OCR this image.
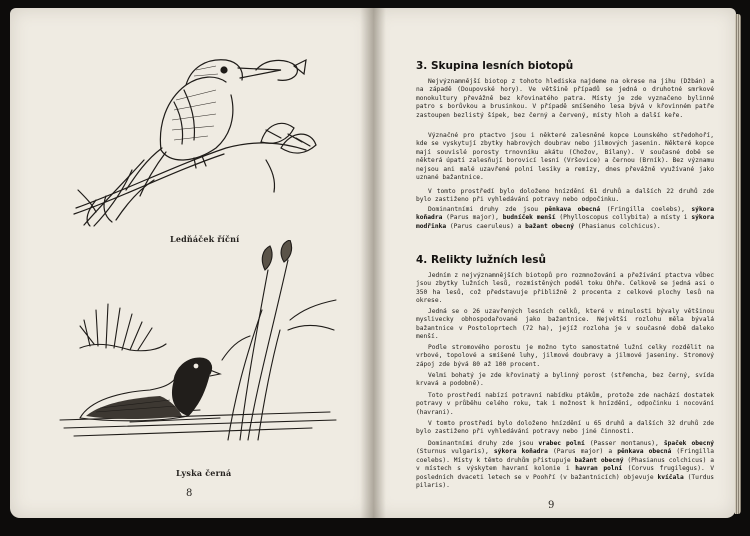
Ledňáček říční
Lyska černá
8
3. Skupina lesních biotopů

Nejvýznamnější biotop z tohoto hlediska najdeme na okrese na jihu (Džbán) a na západě (Doupovské hory). Ve většině případů se jedná o druhotné smrkové monokultury převážně bez křovinatého patra. Místy je zde vyznačeno bylinné patro s borůvkou a brusinkou. V případě smíšeného lesa bývá v křovinném patře zastoupen bezlistý šípek, bez černý a červený, místy hloh a další keře.

Význačné pro ptactvo jsou i některé zalesněné kopce Lounského středohoří, kde se vyskytují zbytky habrových doubrav nebo jilmových jasenin. Některé kopce mají souvislé porosty trnovníku akátu (Chožov, Bílany). V současné době se některá úpatí zalesňují borovicí lesní (Vršovice) a černou (Brník). Bez významu nejsou ani malé uzavřené polní lesíky a remízy, dnes převážně využívané jako uznané bažantnice.

V tomto prostředí bylo doloženo hnízdění 61 druhů a dalších 22 druhů zde bylo zastiženo při vyhledávání potravy nebo odpočinku.

Dominantními druhy zde jsou pěnkava obecná (Fringilla coelebs), sýkora koňadra (Parus major), budníček menší (Phylloscopus collybita) a místy i sýkora modřinka (Parus caeruleus) a bažant obecný (Phasianus colchicus).

4. Relikty lužních lesů

Jedním z nejvýznamnějších biotopů pro rozmnožování a přežívání ptactva vůbec jsou zbytky lužních lesů, rozmístěných podél toku Ohře. Celkově se jedná asi o 350 ha lesů, což představuje přibližně 2 procenta z celkové plochy lesů na okrese.

Jedná se o 26 uzavřených lesních celků, které v minulosti bývaly většinou myslivecky obhospodařované jako bažantnice. Největší rozlohu měla bývalá bažantnice v Postoloprtech (72 ha), jejíž rozloha je v současné době daleko menší.

Podle stromového porostu je možno tyto samostatné lužní celky rozdělit na vrbové, topolové a smíšené luhy, jilmové doubravy a jilmové jaseniny. Stromový zápoj zde bývá 80 až 100 procent.

Velmi bohatý je zde křovinatý a bylinný porost (střemcha, bez černý, svída krvavá a podobně).

Toto prostředí nabízí potravní nabídku ptákům, protože zde nachází dostatek potravy v průběhu celého roku, tak i možnost k hnízdění, odpočinku i nocování (havrani).

V tomto prostředí bylo doloženo hnízdění u 65 druhů a dalších 32 druhů zde bylo zastiženo při vyhledávání potravy nebo jiné činnosti.

Dominantními druhy zde jsou vrabec polní (Passer montanus), špaček obecný (Sturnus vulgaris), sýkora koňadra (Parus major) a pěnkava obecná (Fringilla coelebs). Místy k těmto druhům přistupuje bažant obecný (Phasianus colchicus) a v místech s výskytem havraní kolonie i havran polní (Corvus frugilegus). V posledních dvaceti letech se v Poohří (v bažantnicích) objevuje kvíčala (Turdus pilaris).

9
